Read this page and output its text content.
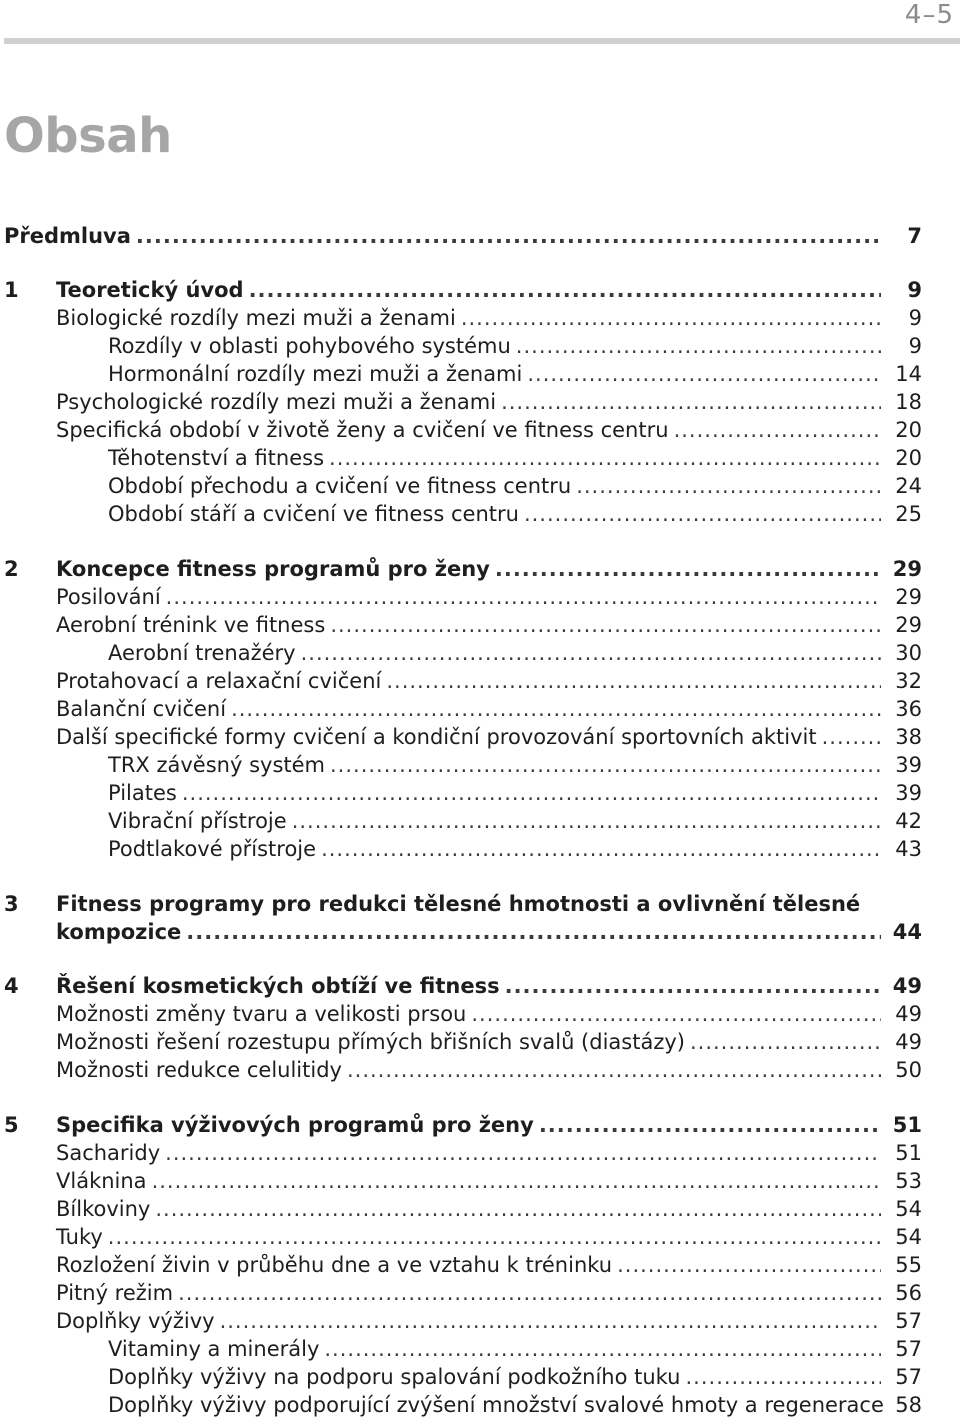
4–5
Obsah
Předmluva .....	7
1 Teoretický úvod .....	9
Biologické rozdíly mezi muži a ženami .....	9
Rozdíly v oblasti pohybového systému .....	9
Hormonální rozdíly mezi muži a ženami .....	14
Psychologické rozdíly mezi muži a ženami .....	18
Specifická období v životě ženy a cvičení ve fitness centru .....	20
Těhotenství a fitness .....	20
Období přechodu a cvičení ve fitness centru .....	24
Období stáří a cvičení ve fitness centru .....	25
2 Koncepce fitness programů pro ženy .....	29
Posilování .....	29
Aerobní trénink ve fitness .....	29
Aerobní trenažéry .....	30
Protahovací a relaxační cvičení .....	32
Balanční cvičení .....	36
Další specifické formy cvičení a kondiční provozování sportovních aktivit .....	38
TRX závěsný systém .....	39
Pilates .....	39
Vibrační přístroje .....	42
Podtlakové přístroje .....	43
3 Fitness programy pro redukci tělesné hmotnosti a ovlivnění tělesné
kompozice .....	44
4 Řešení kosmetických obtíží ve fitness .....	49
Možnosti změny tvaru a velikosti prsou .....	49
Možnosti řešení rozestupu přímých břišních svalů (diastázy) .....	49
Možnosti redukce celulitidy .....	50
5 Specifika výživových programů pro ženy .....	51
Sacharidy .....	51
Vláknina .....	53
Bílkoviny .....	54
Tuky .....	54
Rozložení živin v průběhu dne a ve vztahu k tréninku .....	55
Pitný režim .....	56
Doplňky výživy .....	57
Vitaminy a minerály .....	57
Doplňky výživy na podporu spalování podkožního tuku .....	57
Doplňky výživy podporující zvýšení množství svalové hmoty a regenerace 58
